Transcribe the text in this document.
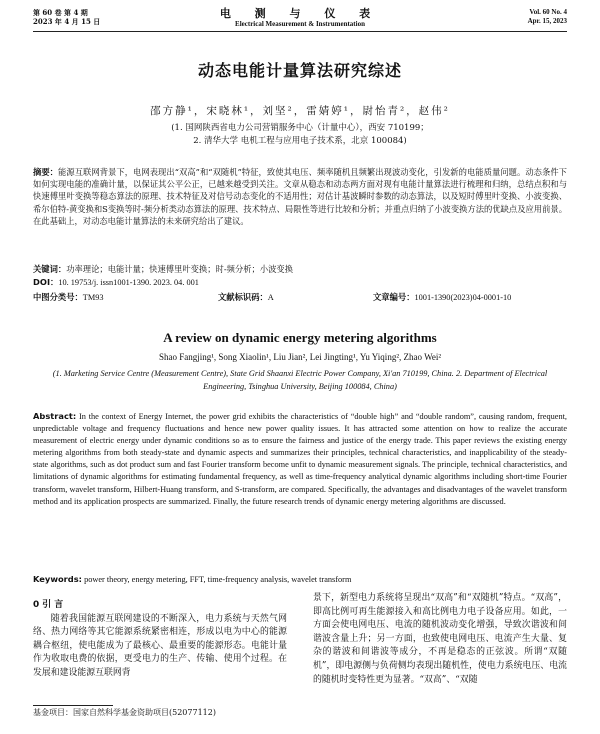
第 60 卷 第 4 期
2023 年 4 月 15 日
电 测 与 仪 表
Electrical Measurement & Instrumentation
Vol. 60 No. 4
Apr. 15, 2023
动态电能计量算法研究综述
邵方静¹，宋晓林¹，刘坚²，雷婧婷¹，尉怡青²，赵伟²
(1. 国网陕西省电力公司营销服务中心（计量中心），西安 710199；
2. 清华大学 电机工程与应用电子技术系，北京 100084)
摘要：能源互联网背景下，电网表现出“双高”和“双随机”特征，致使其电压、频率随机且频繁出现波动变化，引发新的电能质量问题。动态条件下如何实现电能的准确计量，以保证其公平公正，已越来越受到关注。文章从稳态和动态两方面对现有电能计量算法进行梳理和归纳，总结点积和与快速傅里叶变换等稳态算法的原理、技术特征及对信号动态变化的不适用性；对估计基波瞬时参数的动态算法，以及短时傅里叶变换、小波变换、希尔伯特-黄变换和S变换等时-频分析类动态算法的原理、技术特点、局限性等进行比较和分析；并重点归纳了小波变换方法的优缺点及应用前景。在此基础上，对动态电能计量算法的未来研究给出了建议。
关键词：功率理论；电能计量；快速傅里叶变换；时-频分析；小波变换
DOI：10. 19753/j. issn1001-1390. 2023. 04. 001
中图分类号：TM93	文献标识码：A	文章编号：1001-1390(2023)04-0001-10
A review on dynamic energy metering algorithms
Shao Fangjing¹, Song Xiaolin¹, Liu Jian², Lei Jingting¹, Yu Yiqing², Zhao Wei²
(1. Marketing Service Centre (Measurement Centre), State Grid Shaanxi Electric Power Company, Xi'an 710199, China. 2. Department of Electrical Engineering, Tsinghua University, Beijing 100084, China)
Abstract: In the context of Energy Internet, the power grid exhibits the characteristics of “double high” and “double random”, causing random, frequent, unpredictable voltage and frequency fluctuations and hence new power quality issues. It has attracted some attention on how to realize the accurate measurement of electric energy under dynamic conditions so as to ensure the fairness and justice of the energy trade. This paper reviews the existing energy metering algorithms from both steady-state and dynamic aspects and summarizes their principles, technical characteristics, and inapplicability of the steady-state algorithms, such as dot product sum and fast Fourier transform become unfit to dynamic measurement signals. The principle, technical characteristics, and limitations of dynamic algorithms for estimating fundamental frequency, as well as time-frequency analytical dynamic algorithms including short-time Fourier transform, wavelet transform, Hilbert-Huang transform, and S-transform, are compared. Specifically, the advantages and disadvantages of the wavelet transform method and its application prospects are summarized. Finally, the future research trends of dynamic energy metering algorithms are discussed.
Keywords: power theory, energy metering, FFT, time-frequency analysis, wavelet transform
0 引 言
随着我国能源互联网建设的不断深入，电力系统与天然气网络、热力网络等其它能源系统紧密相连，形成以电为中心的能源耦合枢纽，使电能成为了最核心、最重要的能源形态。电能计量作为收取电费的依据，更受电力的生产、传输、使用个过程。在发展和建设能源互联网背
景下，新型电力系统将呈现出“双高”和“双随机”特点。“双高”，即高比例可再生能源接入和高比例电力电子设备应用。如此，一方面会使电网电压、电流的随机波动变化增强，导致次谐波和间谐波含量上升；另一方面，也致使电网电压、电流产生大量、复杂的谐波和间谐波等成分，不再是稳态的正弦波。所谓“双随机”，即电源侧与负荷侧均表现出随机性，使电力系统电压、电流的随机时变特性更为显著。“双高”、“双随
基金项目：国家自然科学基金资助项目(52077112)
